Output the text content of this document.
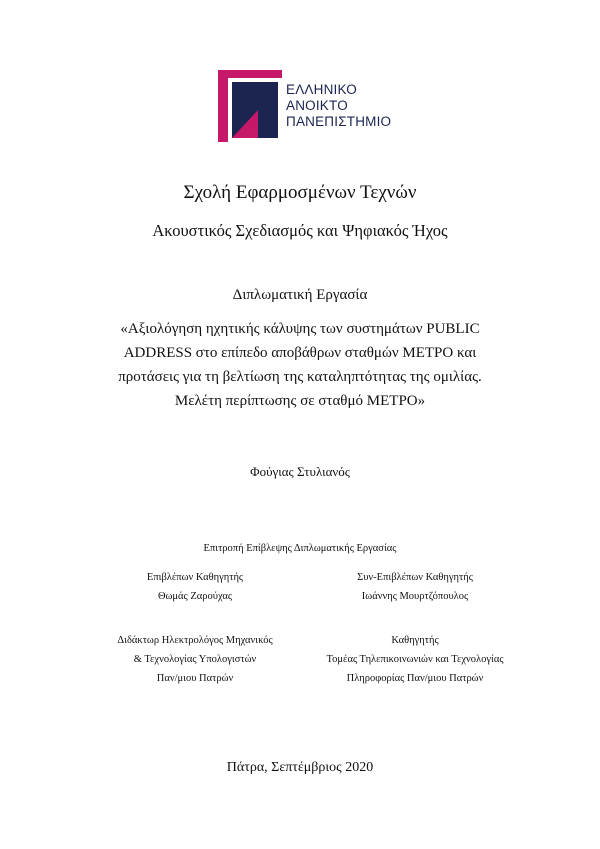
ΕΛΛΗΝΙΚΟ
ΑΝΟΙΚΤΟ
ΠΑΝΕΠΙΣΤΗΜΙΟ
Σχολή Εφαρμοσμένων Τεχνών
Ακουστικός Σχεδιασμός και Ψηφιακός Ήχος
Διπλωματική Εργασία
«Αξιολόγηση ηχητικής κάλυψης των συστημάτων PUBLIC
ADDRESS στο επίπεδο αποβάθρων σταθμών ΜΕΤΡΟ και
προτάσεις για τη βελτίωση της καταληπτότητας της ομιλίας.
Μελέτη περίπτωσης σε σταθμό ΜΕΤΡΟ»
Φούγιας Στυλιανός
Επιτροπή Επίβλεψης Διπλωματικής Εργασίας
Επιβλέπων Καθηγητής
Θωμάς Ζαρούχας
Συν-Επιβλέπων Καθηγητής
Ιωάννης Μουρτζόπουλος
Διδάκτωρ Ηλεκτρολόγος Μηχανικός
& Τεχνολογίας Υπολογιστών
Παν/μιου Πατρών
Καθηγητής
Τομέας Τηλεπικοινωνιών και Τεχνολογίας
Πληροφορίας Παν/μιου Πατρών
Πάτρα, Σεπτέμβριος 2020
